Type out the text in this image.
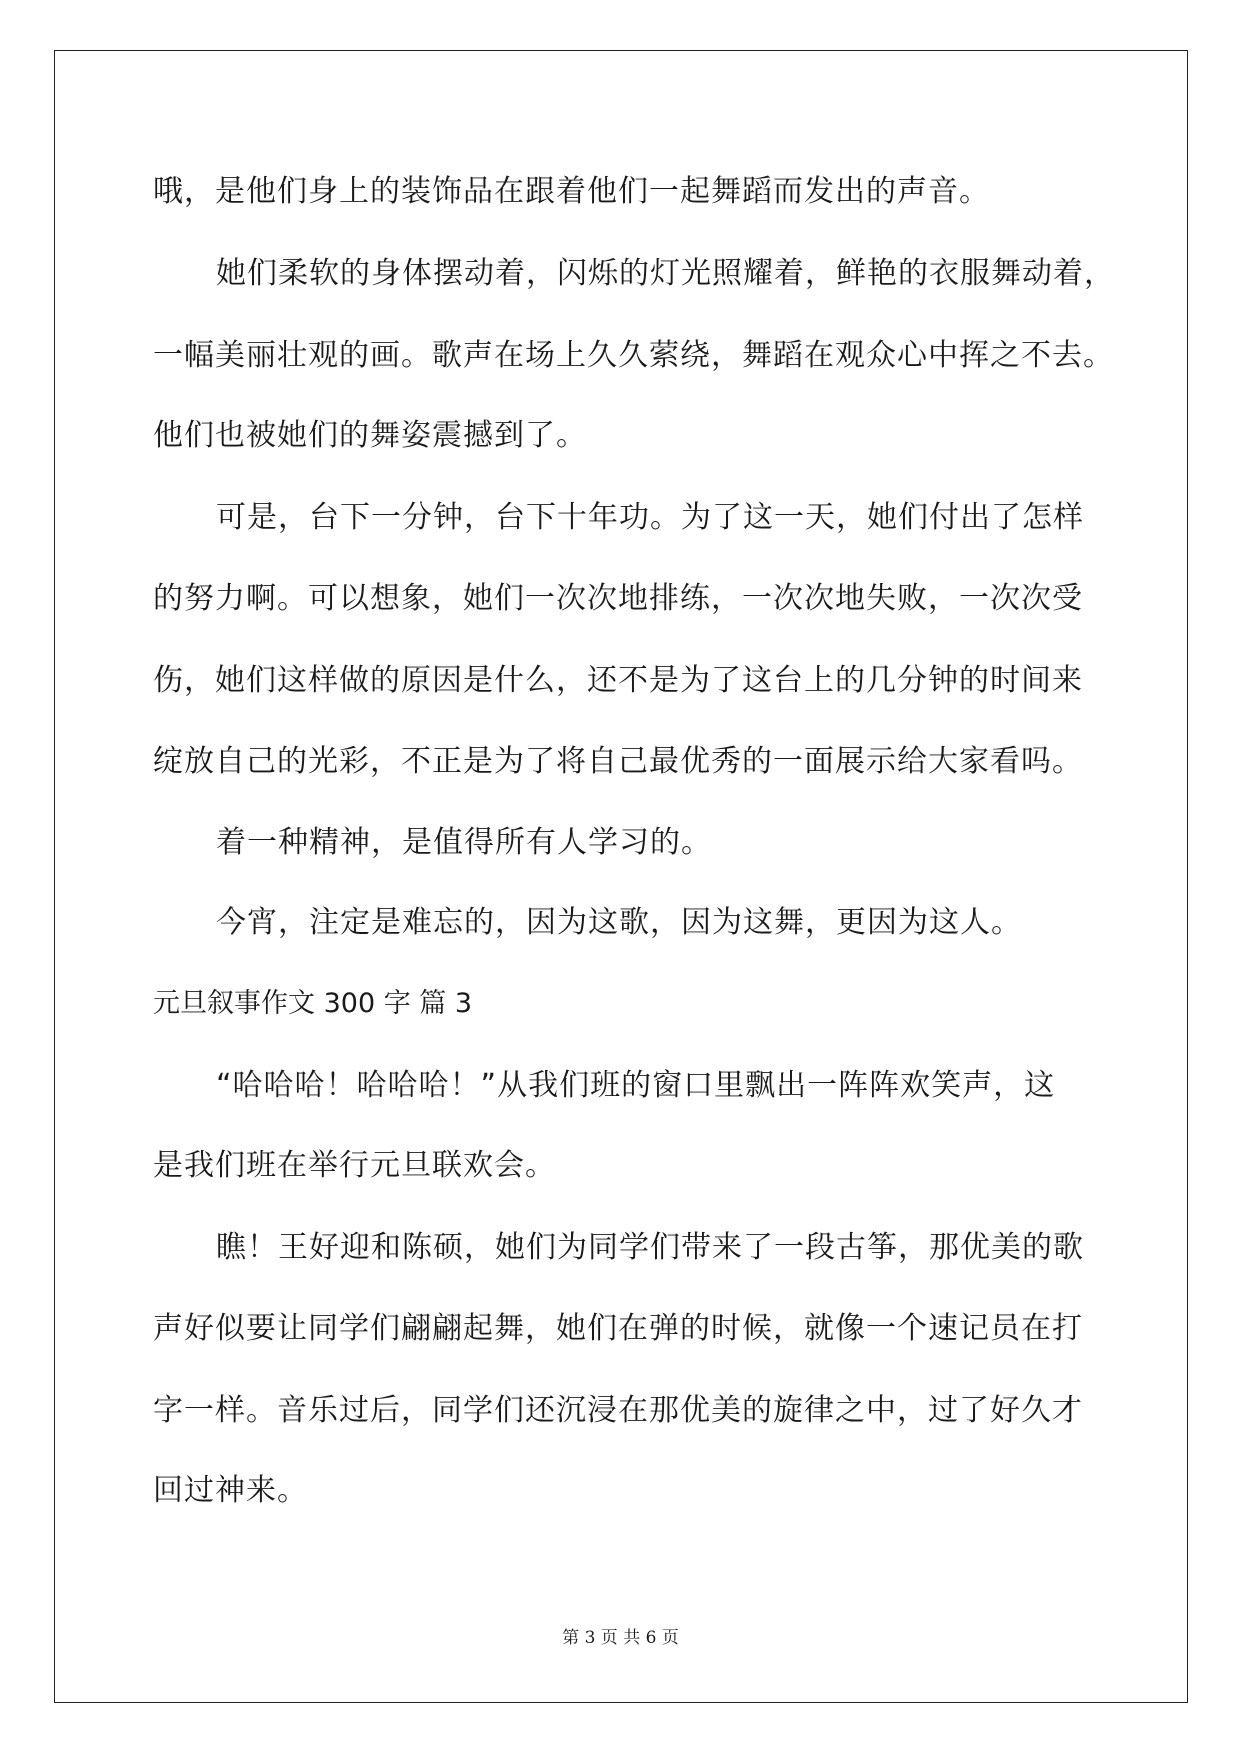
哦，是他们身上的装饰品在跟着他们一起舞蹈而发出的声音。
她们柔软的身体摆动着，闪烁的灯光照耀着，鲜艳的衣服舞动着，
一幅美丽壮观的画。歌声在场上久久萦绕，舞蹈在观众心中挥之不去。
他们也被她们的舞姿震撼到了。
可是，台下一分钟，台下十年功。为了这一天，她们付出了怎样
的努力啊。可以想象，她们一次次地排练，一次次地失败，一次次受
伤，她们这样做的原因是什么，还不是为了这台上的几分钟的时间来
绽放自己的光彩，不正是为了将自己最优秀的一面展示给大家看吗。
着一种精神，是值得所有人学习的。
今宵，注定是难忘的，因为这歌，因为这舞，更因为这人。
元旦叙事作文 300 字 篇 3
“哈哈哈！哈哈哈！”从我们班的窗口里飘出一阵阵欢笑声，这
是我们班在举行元旦联欢会。
瞧！王好迎和陈硕，她们为同学们带来了一段古筝，那优美的歌
声好似要让同学们翩翩起舞，她们在弹的时候，就像一个速记员在打
字一样。音乐过后，同学们还沉浸在那优美的旋律之中，过了好久才
回过神来。
第 3 页 共 6 页
